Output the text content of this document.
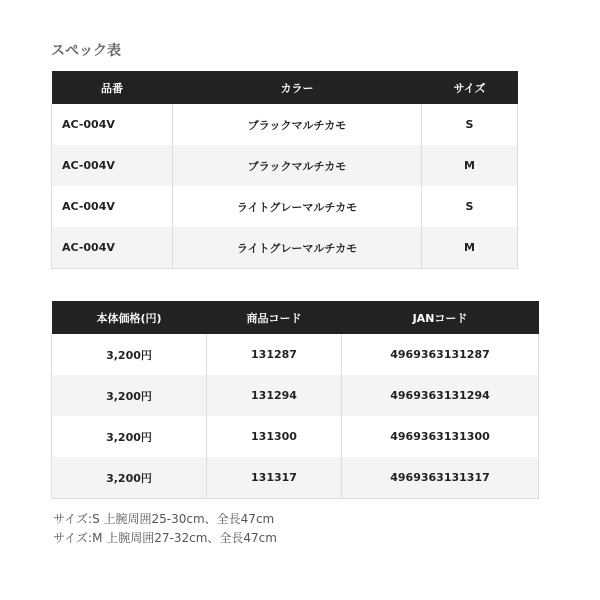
スペック表
品番	カラー	サイズ
AC-004V	ブラックマルチカモ	S
AC-004V	ブラックマルチカモ	M
AC-004V	ライトグレーマルチカモ	S
AC-004V	ライトグレーマルチカモ	M
本体価格(円)	商品コード	JANコード
3,200円	131287	4969363131287
3,200円	131294	4969363131294
3,200円	131300	4969363131300
3,200円	131317	4969363131317
サイズ:S 上腕周囲25-30cm、全長47cm
サイズ:M 上腕周囲27-32cm、全長47cm
